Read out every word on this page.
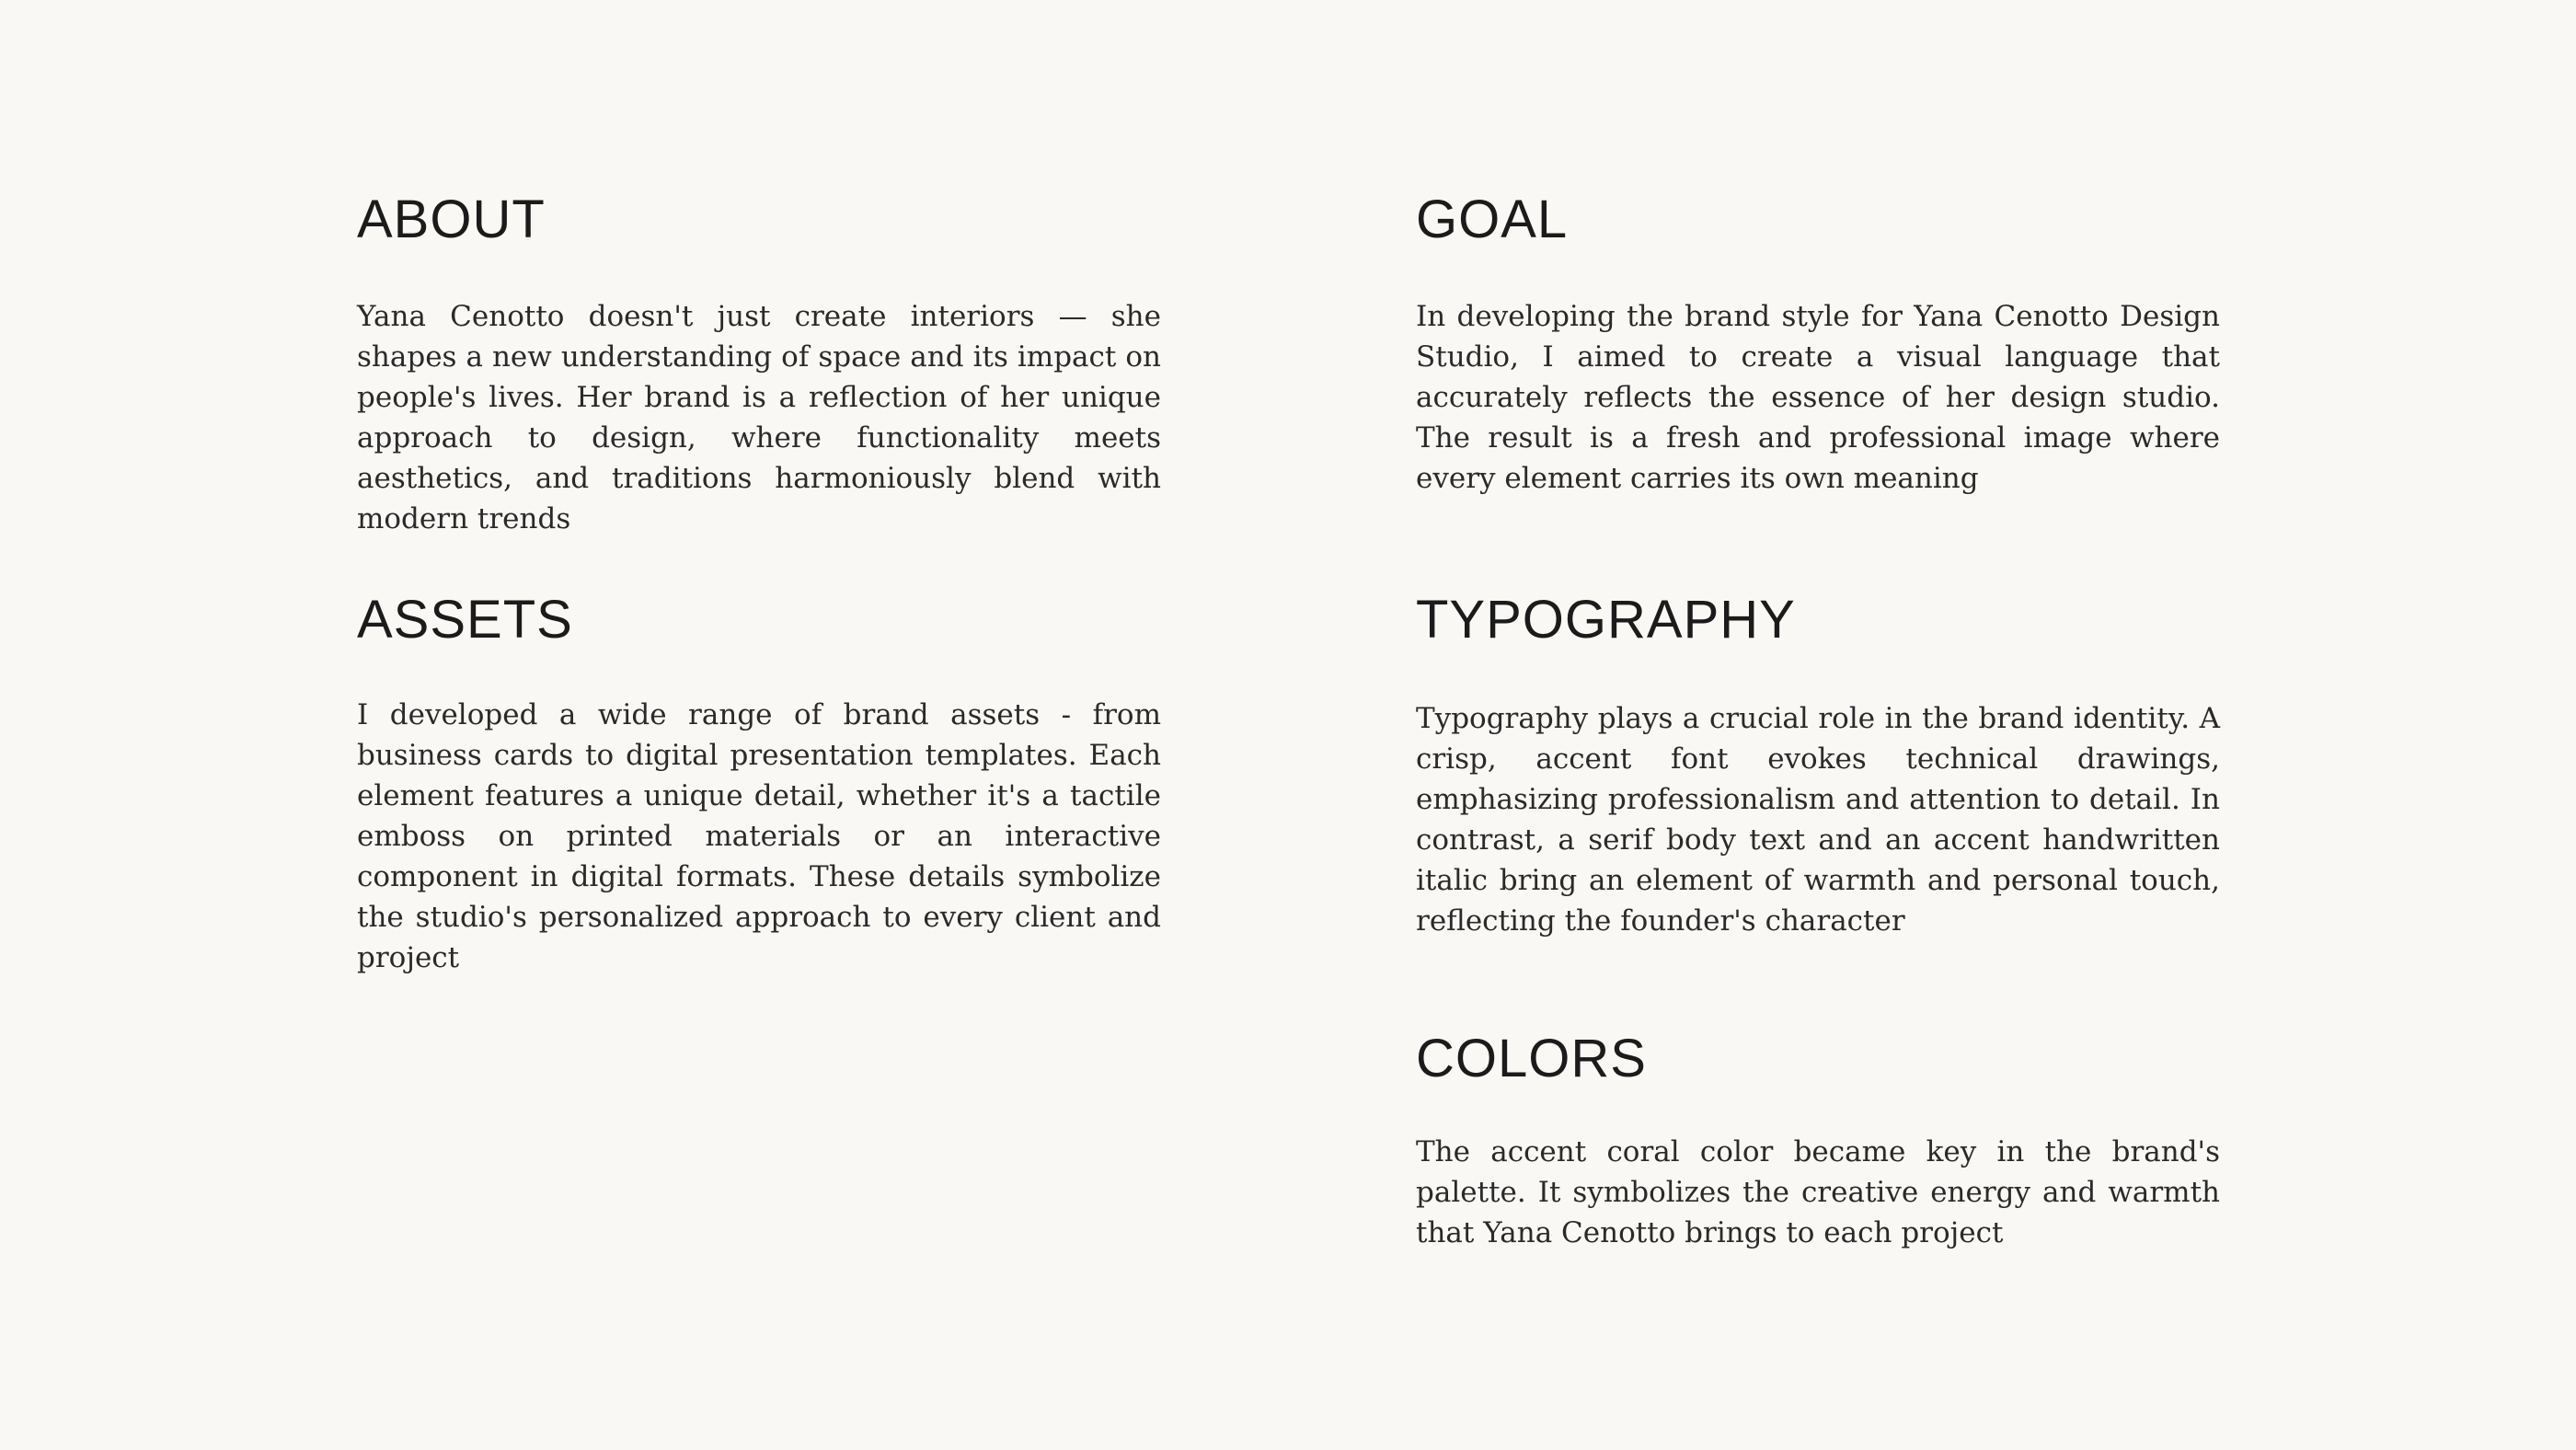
ABOUT

Yana Cenotto doesn't just create interiors — she shapes a new understanding of space and its impact on people's lives. Her brand is a reflection of her unique approach to design, where functionality meets aesthetics, and traditions harmoniously blend with modern trends

GOAL

In developing the brand style for Yana Cenotto Design Studio, I aimed to create a visual language that accurately reflects the essence of her design studio. The result is a fresh and professional image where every element carries its own meaning

ASSETS

I developed a wide range of brand assets - from business cards to digital presentation templates. Each element features a unique detail, whether it's a tactile emboss on printed materials or an interactive component in digital formats. These details symbolize the studio's personalized approach to every client and project

TYPOGRAPHY

Typography plays a crucial role in the brand identity. A crisp, accent font evokes technical drawings, emphasizing professionalism and attention to detail. In contrast, a serif body text and an accent handwritten italic bring an element of warmth and personal touch, reflecting the founder's character

COLORS

The accent coral color became key in the brand's palette. It symbolizes the creative energy and warmth that Yana Cenotto brings to each project
